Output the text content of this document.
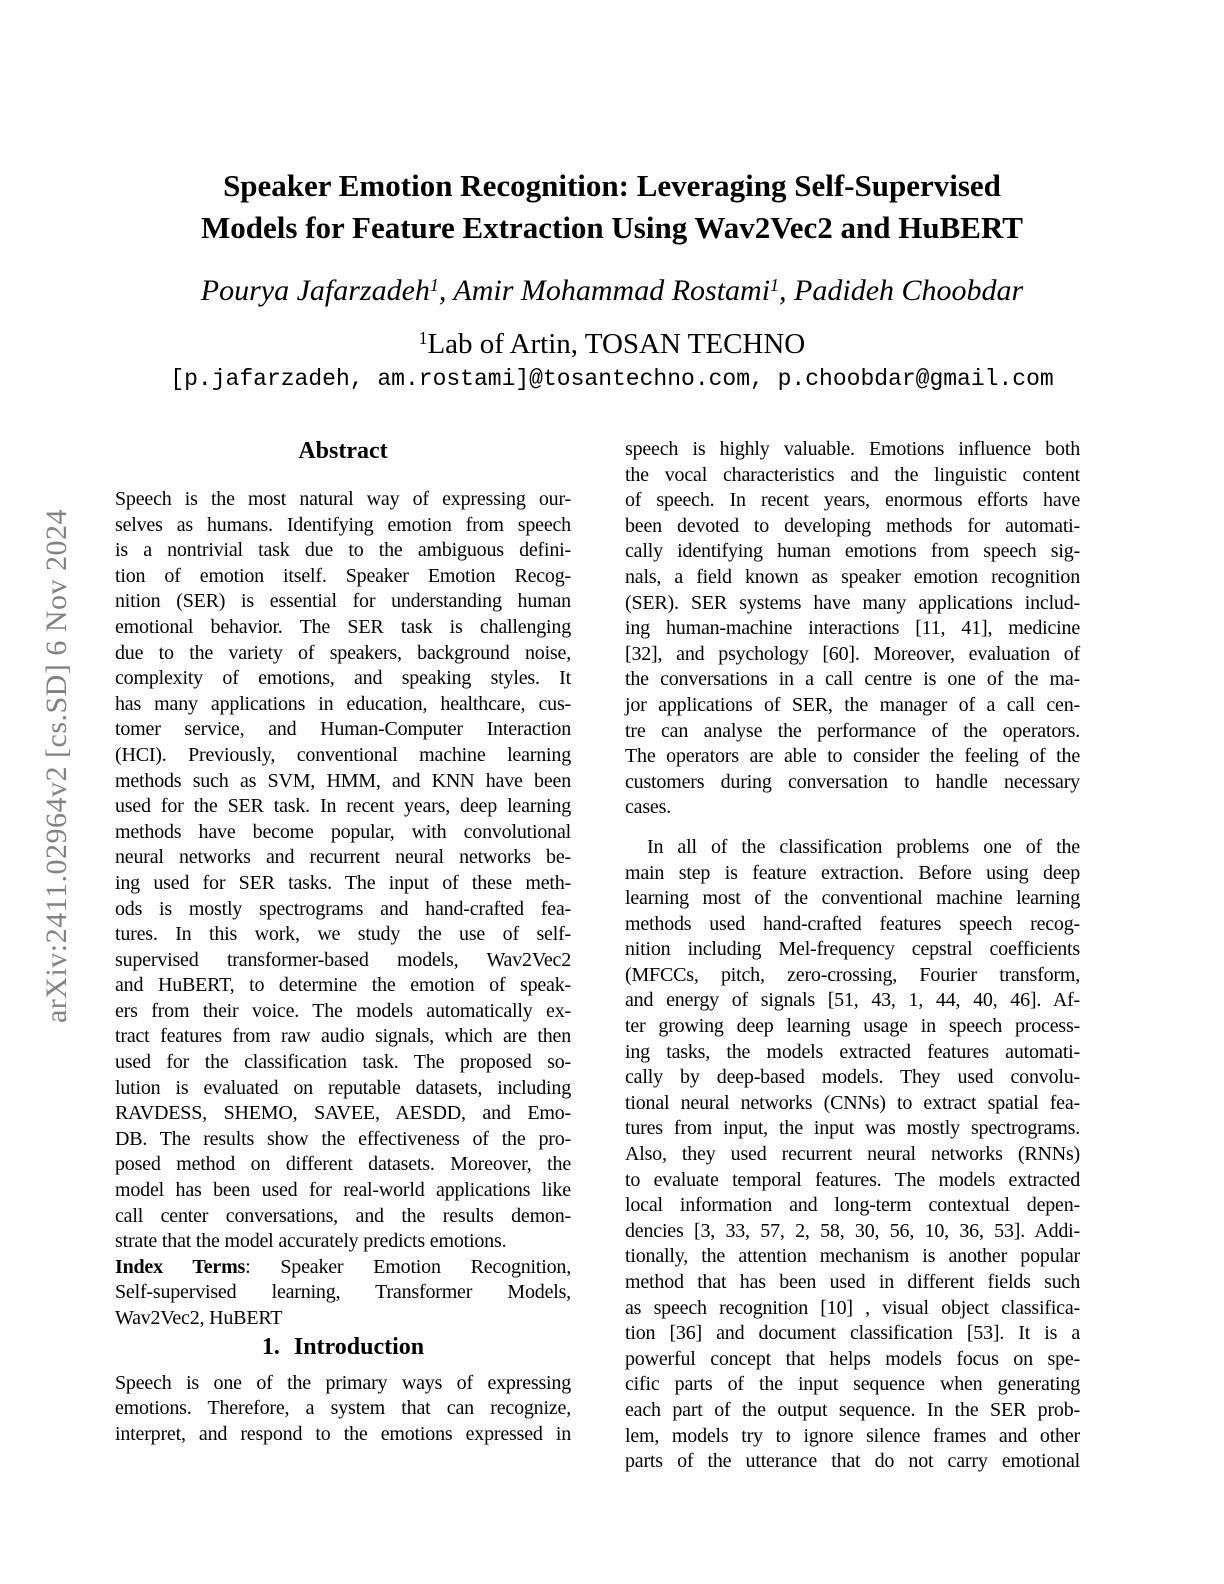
arXiv:2411.02964v2 [cs.SD] 6 Nov 2024
Speaker Emotion Recognition: Leveraging Self-Supervised
Models for Feature Extraction Using Wav2Vec2 and HuBERT
Pourya Jafarzadeh$^1$, Amir Mohammad Rostami$^1$, Padideh Choobdar
$^1$Lab of Artin, TOSAN TECHNO
[p.jafarzadeh, am.rostami]@tosantechno.com, p.choobdar@gmail.com
Abstract
Speech is the most natural way of expressing our-
selves as humans. Identifying emotion from speech
is a nontrivial task due to the ambiguous defini-
tion of emotion itself. Speaker Emotion Recog-
nition (SER) is essential for understanding human
emotional behavior. The SER task is challenging
due to the variety of speakers, background noise,
complexity of emotions, and speaking styles. It
has many applications in education, healthcare, cus-
tomer service, and Human-Computer Interaction
(HCI). Previously, conventional machine learning
methods such as SVM, HMM, and KNN have been
used for the SER task. In recent years, deep learning
methods have become popular, with convolutional
neural networks and recurrent neural networks be-
ing used for SER tasks. The input of these meth-
ods is mostly spectrograms and hand-crafted fea-
tures. In this work, we study the use of self-
supervised transformer-based models, Wav2Vec2
and HuBERT, to determine the emotion of speak-
ers from their voice. The models automatically ex-
tract features from raw audio signals, which are then
used for the classification task. The proposed so-
lution is evaluated on reputable datasets, including
RAVDESS, SHEMO, SAVEE, AESDD, and Emo-
DB. The results show the effectiveness of the pro-
posed method on different datasets. Moreover, the
model has been used for real-world applications like
call center conversations, and the results demon-
strate that the model accurately predicts emotions.
Index Terms: Speaker Emotion Recognition,
Self-supervised learning, Transformer Models,
Wav2Vec2, HuBERT
1. Introduction
Speech is one of the primary ways of expressing
emotions. Therefore, a system that can recognize,
interpret, and respond to the emotions expressed in
speech is highly valuable. Emotions influence both
the vocal characteristics and the linguistic content
of speech. In recent years, enormous efforts have
been devoted to developing methods for automati-
cally identifying human emotions from speech sig-
nals, a field known as speaker emotion recognition
(SER). SER systems have many applications includ-
ing human-machine interactions [11, 41], medicine
[32], and psychology [60]. Moreover, evaluation of
the conversations in a call centre is one of the ma-
jor applications of SER, the manager of a call cen-
tre can analyse the performance of the operators.
The operators are able to consider the feeling of the
customers during conversation to handle necessary
cases.
In all of the classification problems one of the
main step is feature extraction. Before using deep
learning most of the conventional machine learning
methods used hand-crafted features speech recog-
nition including Mel-frequency cepstral coefficients
(MFCCs, pitch, zero-crossing, Fourier transform,
and energy of signals [51, 43, 1, 44, 40, 46]. Af-
ter growing deep learning usage in speech process-
ing tasks, the models extracted features automati-
cally by deep-based models. They used convolu-
tional neural networks (CNNs) to extract spatial fea-
tures from input, the input was mostly spectrograms.
Also, they used recurrent neural networks (RNNs)
to evaluate temporal features. The models extracted
local information and long-term contextual depen-
dencies [3, 33, 57, 2, 58, 30, 56, 10, 36, 53]. Addi-
tionally, the attention mechanism is another popular
method that has been used in different fields such
as speech recognition [10] , visual object classifica-
tion [36] and document classification [53]. It is a
powerful concept that helps models focus on spe-
cific parts of the input sequence when generating
each part of the output sequence. In the SER prob-
lem, models try to ignore silence frames and other
parts of the utterance that do not carry emotional
